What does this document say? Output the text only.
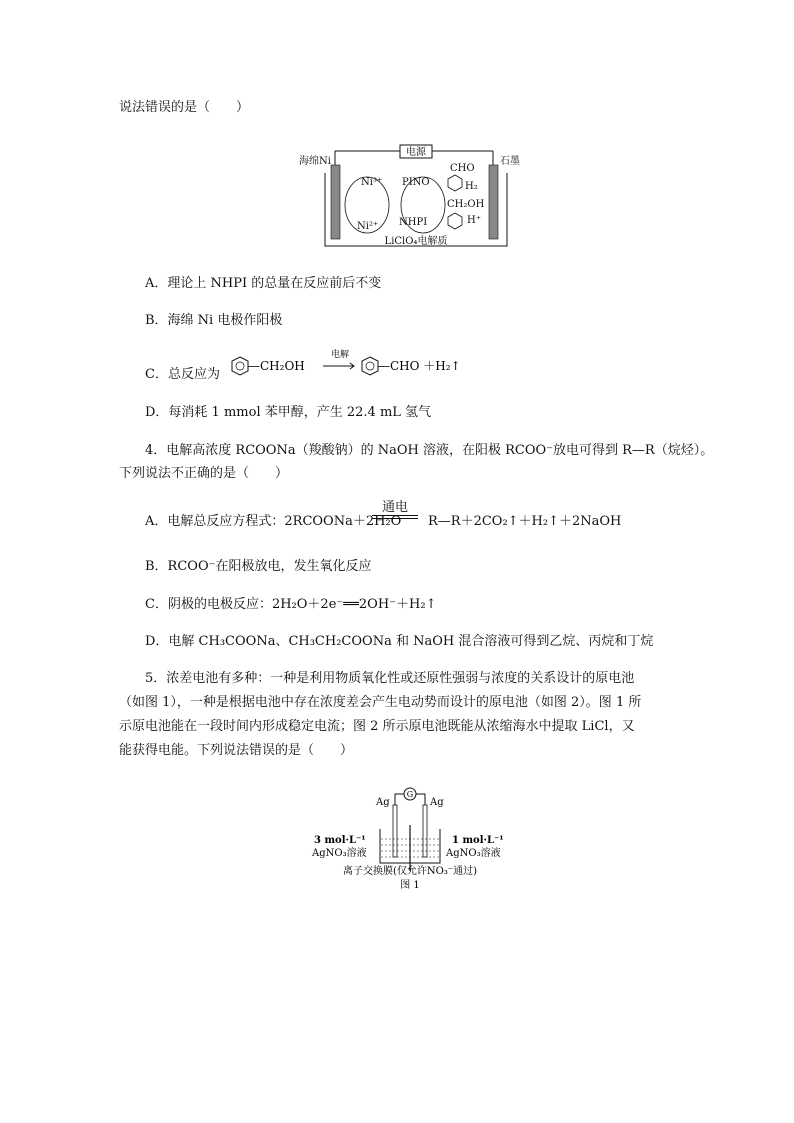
说法错误的是（　　）
电源
海绵Ni	石墨
Ni³⁺
Ni²⁺
PINO
NHPI
CHO
H₂
CH₂OH
H⁺
LiClO₄电解质
A．理论上 NHPI 的总量在反应前后不变
B．海绵 Ni 电极作阳极
C．总反应为
—CH₂OH
电解
—CHO ＋H₂↑
D．每消耗 1 mmol 苯甲醇，产生 22.4 mL 氢气
4．电解高浓度 RCOONa（羧酸钠）的 NaOH 溶液，在阳极 RCOO⁻放电可得到 R—R（烷烃）。
下列说法不正确的是（　　）
A．电解总反应方程式：2RCOONa＋2H₂O
通电
R—R＋2CO₂↑＋H₂↑＋2NaOH
B．RCOO⁻在阳极放电，发生氧化反应
C．阴极的电极反应：2H₂O＋2e⁻══2OH⁻＋H₂↑
D．电解 CH₃COONa、CH₃CH₂COONa 和 NaOH 混合溶液可得到乙烷、丙烷和丁烷
5．浓差电池有多种：一种是利用物质氧化性或还原性强弱与浓度的关系设计的原电池
（如图 1），一种是根据电池中存在浓度差会产生电动势而设计的原电池（如图 2）。图 1 所
示原电池能在一段时间内形成稳定电流；图 2 所示原电池既能从浓缩海水中提取 LiCl，又
能获得电能。下列说法错误的是（　　）
G
Ag	Ag
3 mol·L⁻¹
AgNO₃溶液
1 mol·L⁻¹
AgNO₃溶液
离子交换膜(仅允许NO₃⁻通过)
图 1
